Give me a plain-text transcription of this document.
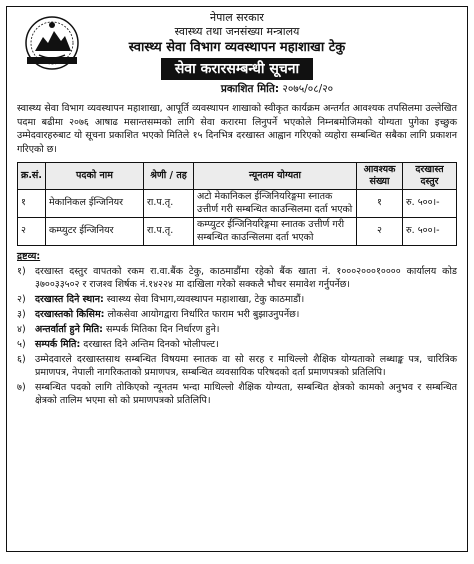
नेपाल सरकार
स्वास्थ्य तथा जनसंख्या मन्त्रालय
स्वास्थ्य सेवा विभाग व्यवस्थापन महाशाखा टेकु
सेवा करारसम्बन्धी सूचना
प्रकाशित मिति: २०७५/०८/२०
स्वास्थ्य सेवा विभाग व्यवस्थापन महाशाखा, आपूर्ति व्यवस्थापन शाखाको स्वीकृत कार्यक्रम अन्तर्गत आवश्यक तपसिलमा उल्लेखित पदमा बढीमा २०७६ आषाढ मसान्तसम्मको लागि सेवा करारमा लिनुपर्ने भएकोले निम्नबमोजिमको योग्यता पुगेका इच्छुक उम्मेदवारहरुबाट यो सूचना प्रकाशित भएको मितिले १५ दिनभित्र दरखास्त आह्वान गरिएको व्यहोरा सम्बन्धित सबैका लागि प्रकाशन गरिएको छ।
क्र.सं.	पदको नाम	श्रेणी / तह	न्यूनतम योग्यता	आवश्यक संख्या	दरखास्त दस्तुर
१	मेकानिकल ईन्जिनियर	रा.प.तृ.	अटो मेकानिकल ईन्जिनियरिङ्गमा स्नातक उत्तीर्ण गरी सम्बन्धित काउन्सिलमा दर्ता भएको	१	रु. ५००।-
२	कम्प्युटर ईन्जिनियर	रा.प.तृ.	कम्प्युटर ईन्जिनियरिङ्गमा स्नातक उत्तीर्ण गरी सम्बन्धित काउन्सिलमा दर्ता भएको	२	रु. ५००।-
द्रष्टव्य:
१) दरखास्त दस्तुर वापतको रकम रा.वा.बैंक टेकु, काठमाडौंमा रहेको बैंक खाता नं. १०००२०००१०००० कार्यालय कोड ३७००३३५०२ र राजश्व शिर्षक नं.१४२२४ मा दाखिला गरेको सक्कलै भौचर समावेश गर्नुपर्नेछ।
२) दरखास्त दिने स्थान: स्वास्थ्य सेवा विभाग,व्यवस्थापन महाशाखा, टेकु काठमाडौं।
३) दरखास्तको किसिम: लोकसेवा आयोगद्वारा निर्धारित फाराम भरी बुझाउनुपर्नेछ।
४) अन्तर्वार्ता हुने मिति: सम्पर्क मितिका दिन निर्धारण हुने।
५) सम्पर्क मिति: दरखास्त दिने अन्तिम दिनको भोलीपल्ट।
६) उम्मेदवारले दरखास्तसाथ सम्बन्धित विषयमा स्नातक वा सो सरह र माथिल्लो शैक्षिक योग्यताको लब्धाङ्क पत्र, चारित्रिक प्रमाणपत्र, नेपाली नागरिकताको प्रमाणपत्र, सम्बन्धित व्यवसायिक परिषदको दर्ता प्रमाणपत्रको प्रतिलिपि।
७) सम्बन्धित पदको लागि तोकिएको न्यूनतम भन्दा माथिल्लो शैक्षिक योग्यता, सम्बन्धित क्षेत्रको कामको अनुभव र सम्बन्धित क्षेत्रको तालिम भएमा सो को प्रमाणपत्रको प्रतिलिपि।
